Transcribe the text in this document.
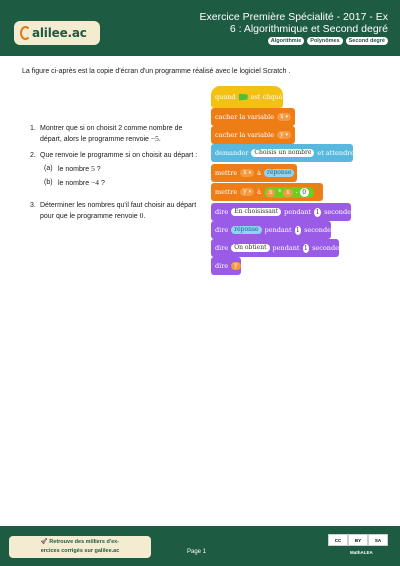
alilee.ac
Exercice Première Spécialité - 2017 - Ex
6 : Algorithmique et Second degré
Algorithmie	Polynômes	Second degré
La figure ci-après est la copie d'écran d'un programme réalisé avec le logiciel Scratch .
1. Montrer que si on choisit 2 comme nombre de départ, alors le programme renvoie −5.
2. Que renvoie le programme si on choisit au départ :
(a) le nombre 5 ?
(b) le nombre −4 ?
3. Déterminer les nombres qu'il faut choisir au départ pour que le programme renvoie 0.
quand est cliqué
cacher la variable	x ▾
cacher la variable	y ▾
demander	Choisis un nombre et attendre
mettre	x ▾ à	réponse
mettre	y ▾ à	x * x - 0
dire	En choisissant pendant 1 seconde
dire	réponse pendant 1 seconde
dire	On obtient pendant 1 seconde
dire	y
🚀 Retrouve des milliers d'ex-
ercices corrigés sur galilee.ac	Page 1
CC	BY	SA
MathALEA
